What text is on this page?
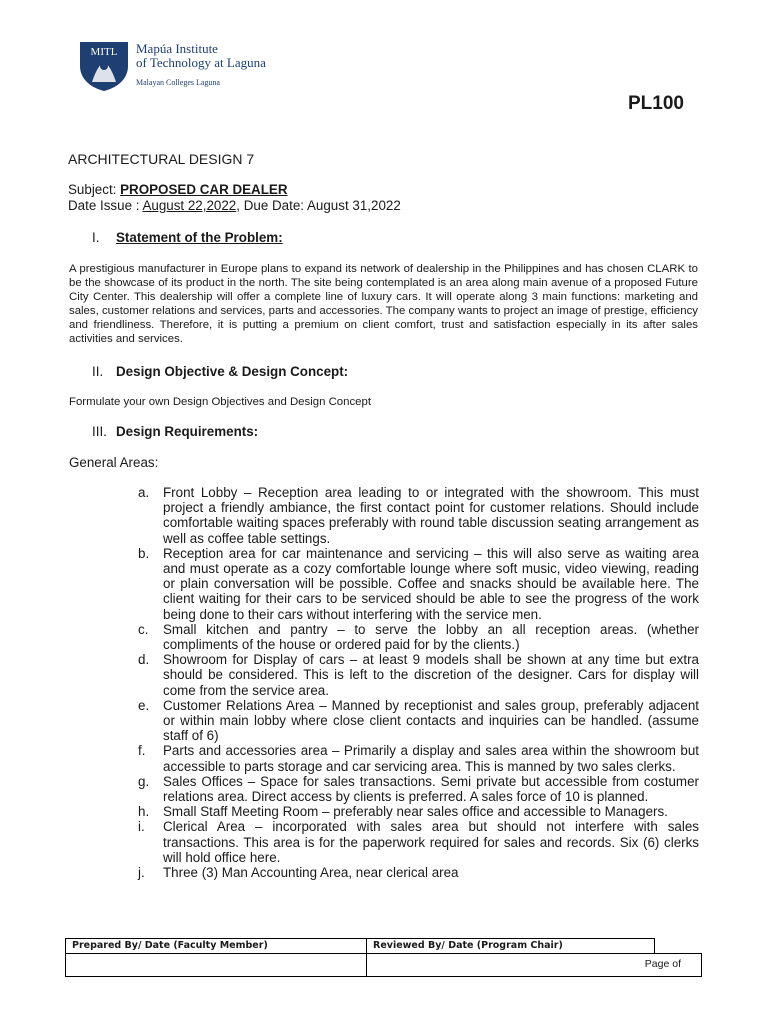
MITL Mapúa Institute
of Technology at Laguna
Malayan Colleges Laguna
PL100
ARCHITECTURAL DESIGN 7
Subject: PROPOSED CAR DEALER
Date Issue : August 22,2022, Due Date: August 31,2022
I. Statement of the Problem:
A prestigious manufacturer in Europe plans to expand its network of dealership in the Philippines and has chosen CLARK to be the showcase of its product in the north. The site being contemplated is an area along main avenue of a proposed Future City Center. This dealership will offer a complete line of luxury cars. It will operate along 3 main functions: marketing and sales, customer relations and services, parts and accessories. The company wants to project an image of prestige, efficiency and friendliness. Therefore, it is putting a premium on client comfort, trust and satisfaction especially in its after sales activities and services.
II. Design Objective & Design Concept:
Formulate your own Design Objectives and Design Concept
III. Design Requirements:
General Areas:
a. Front Lobby – Reception area leading to or integrated with the showroom. This must project a friendly ambiance, the first contact point for customer relations. Should include comfortable waiting spaces preferably with round table discussion seating arrangement as well as coffee table settings.
b. Reception area for car maintenance and servicing – this will also serve as waiting area and must operate as a cozy comfortable lounge where soft music, video viewing, reading or plain conversation will be possible. Coffee and snacks should be available here. The client waiting for their cars to be serviced should be able to see the progress of the work being done to their cars without interfering with the service men.
c. Small kitchen and pantry – to serve the lobby an all reception areas. (whether compliments of the house or ordered paid for by the clients.)
d. Showroom for Display of cars – at least 9 models shall be shown at any time but extra should be considered. This is left to the discretion of the designer. Cars for display will come from the service area.
e. Customer Relations Area – Manned by receptionist and sales group, preferably adjacent or within main lobby where close client contacts and inquiries can be handled. (assume staff of 6)
f. Parts and accessories area – Primarily a display and sales area within the showroom but accessible to parts storage and car servicing area. This is manned by two sales clerks.
g. Sales Offices – Space for sales transactions. Semi private but accessible from costumer relations area. Direct access by clients is preferred. A sales force of 10 is planned.
h. Small Staff Meeting Room – preferably near sales office and accessible to Managers.
i. Clerical Area – incorporated with sales area but should not interfere with sales transactions. This area is for the paperwork required for sales and records. Six (6) clerks will hold office here.
j. Three (3) Man Accounting Area, near clerical area
Prepared By/ Date (Faculty Member)	Reviewed By/ Date (Program Chair)	
	Page of	
